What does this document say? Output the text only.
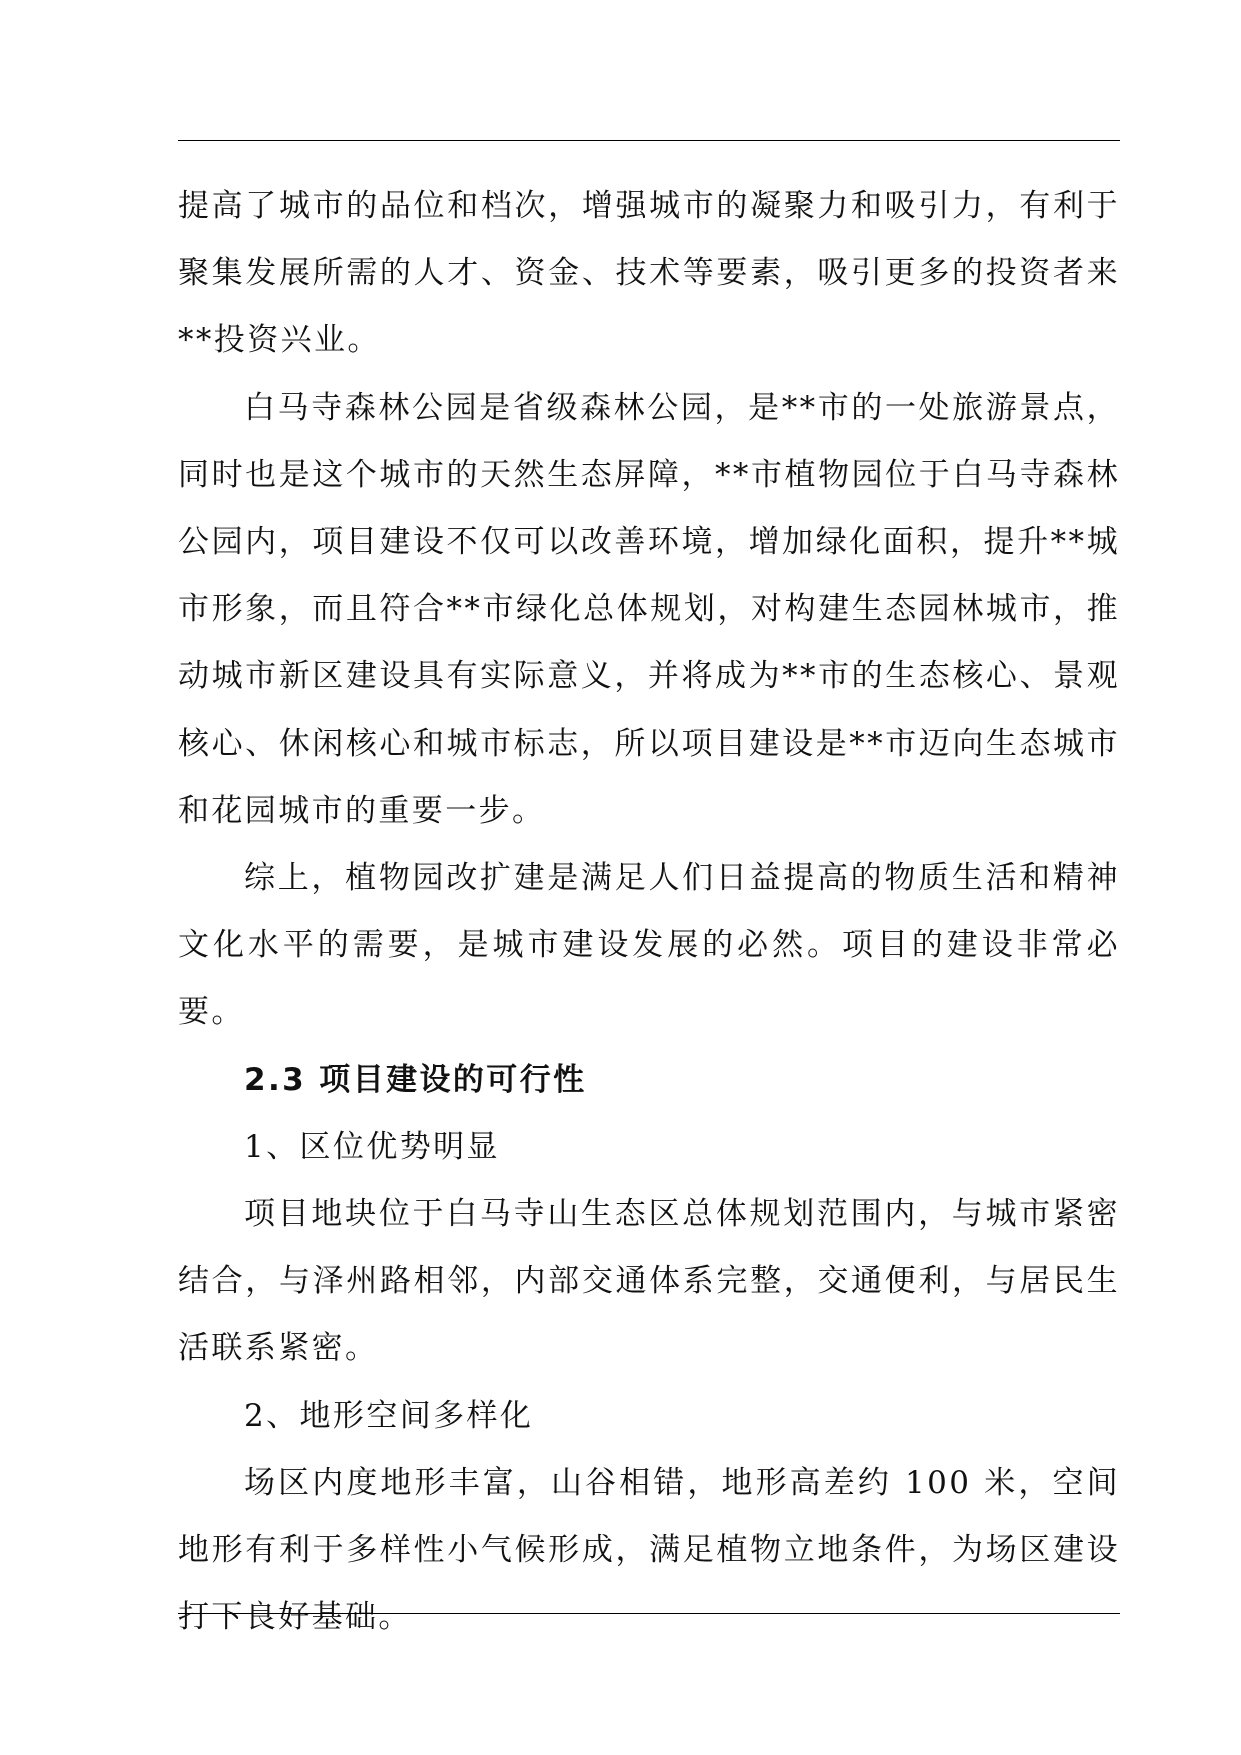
提高了城市的品位和档次，增强城市的凝聚力和吸引力，有利于聚集发展所需的人才、资金、技术等要素，吸引更多的投资者来**投资兴业。

白马寺森林公园是省级森林公园，是**市的一处旅游景点，同时也是这个城市的天然生态屏障，**市植物园位于白马寺森林公园内，项目建设不仅可以改善环境，增加绿化面积，提升**城市形象，而且符合**市绿化总体规划，对构建生态园林城市，推动城市新区建设具有实际意义，并将成为**市的生态核心、景观核心、休闲核心和城市标志，所以项目建设是**市迈向生态城市和花园城市的重要一步。

综上，植物园改扩建是满足人们日益提高的物质生活和精神文化水平的需要，是城市建设发展的必然。项目的建设非常必要。

2.3 项目建设的可行性

1、区位优势明显

项目地块位于白马寺山生态区总体规划范围内，与城市紧密结合，与泽州路相邻，内部交通体系完整，交通便利，与居民生活联系紧密。

2、地形空间多样化

场区内度地形丰富，山谷相错，地形高差约 100 米，空间地形有利于多样性小气候形成，满足植物立地条件，为场区建设打下良好基础。
